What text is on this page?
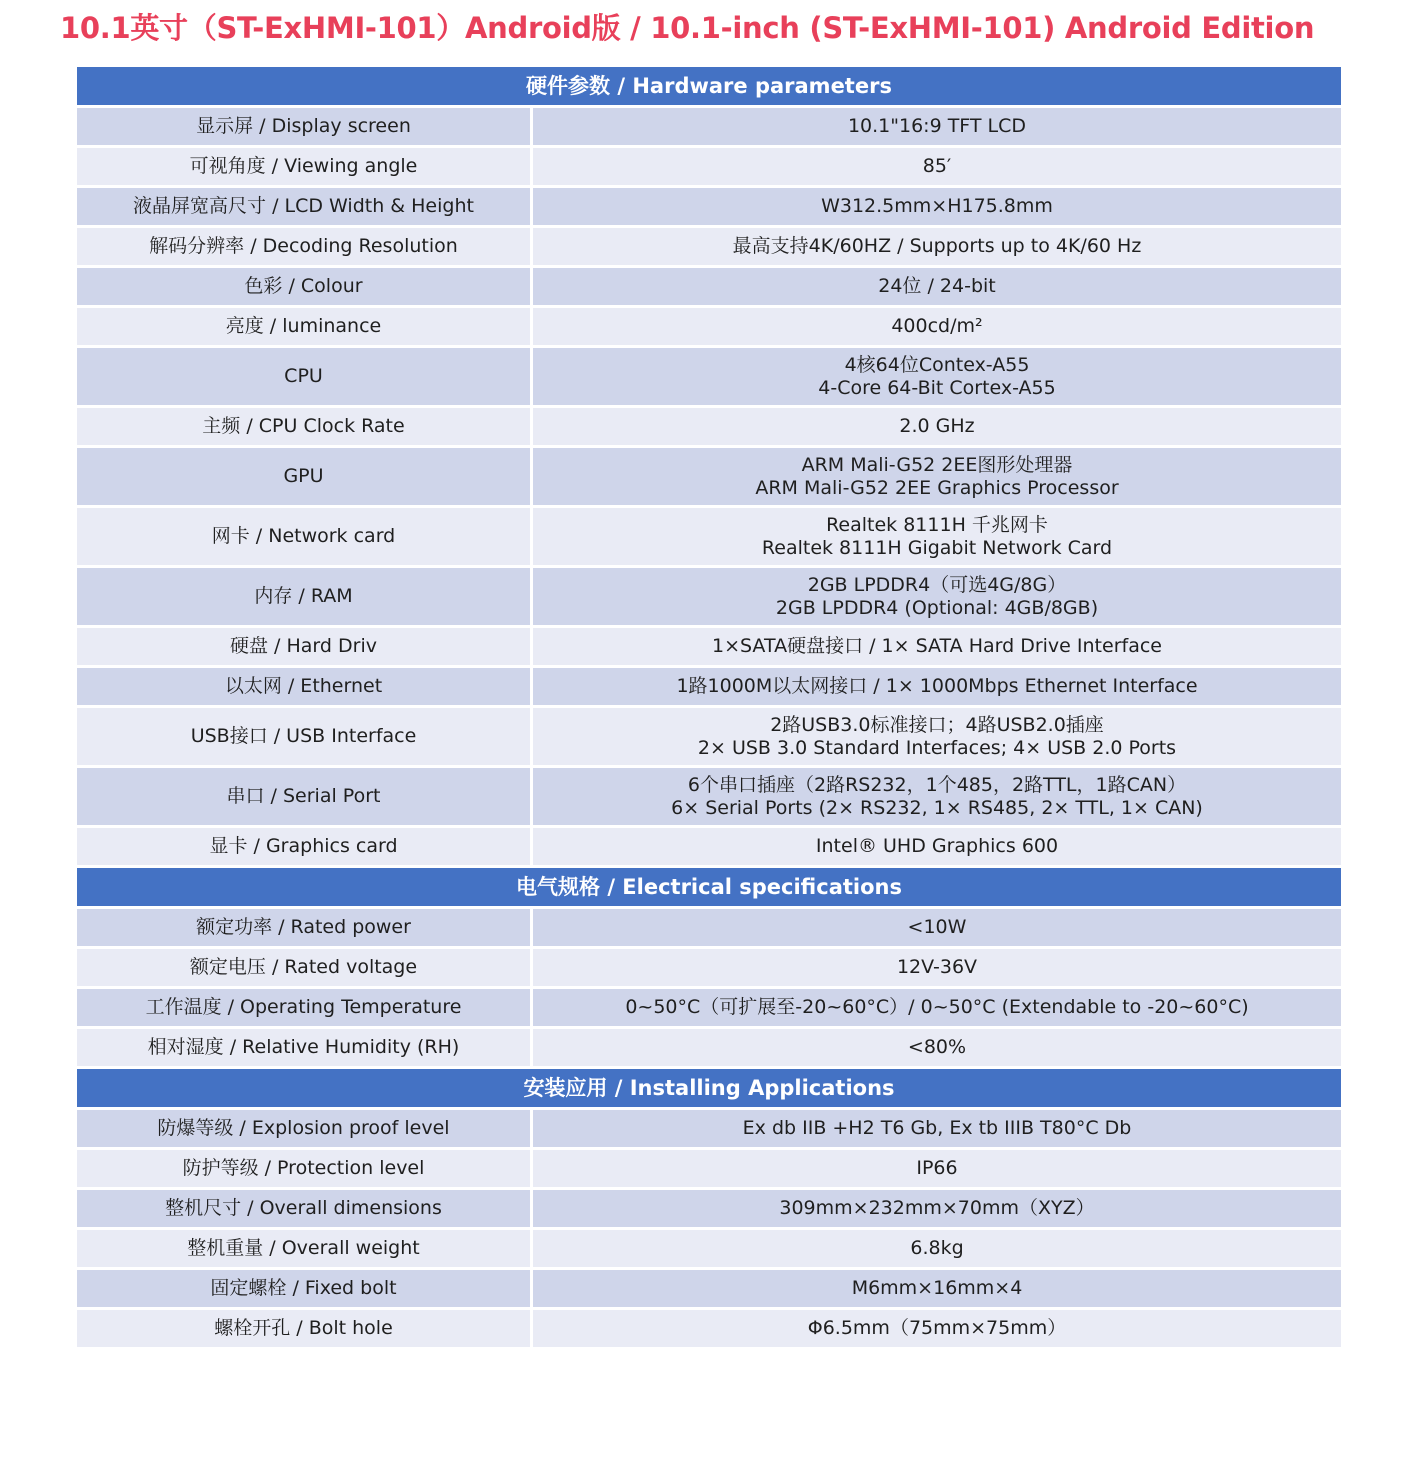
10.1英寸（ST-ExHMI-101）Android版 / 10.1-inch (ST-ExHMI-101) Android Edition
硬件参数 / Hardware parameters	
显示屏 / Display screen	10.1"16:9 TFT LCD

可视角度 / Viewing angle	85′

液晶屏宽高尺寸 / LCD Width & Height	W312.5mm×H175.8mm

解码分辨率 / Decoding Resolution	最高支持4K/60HZ / Supports up to 4K/60 Hz

色彩 / Colour	24位 / 24-bit

亮度 / luminance	400cd/m²

CPU	4核64位Contex-A55
4-Core 64-Bit Cortex-A55

主频 / CPU Clock Rate	2.0 GHz

GPU	ARM Mali-G52 2EE图形处理器
ARM Mali-G52 2EE Graphics Processor

网卡 / Network card	Realtek 8111H 千兆网卡
Realtek 8111H Gigabit Network Card

内存 / RAM	2GB LPDDR4（可选4G/8G）
2GB LPDDR4 (Optional: 4GB/8GB)

硬盘 / Hard Driv	1×SATA硬盘接口 / 1× SATA Hard Drive Interface

以太网 / Ethernet	1路1000M以太网接口 / 1× 1000Mbps Ethernet Interface

USB接口 / USB Interface	2路USB3.0标准接口；4路USB2.0插座
2× USB 3.0 Standard Interfaces; 4× USB 2.0 Ports

串口 / Serial Port	6个串口插座（2路RS232，1个485，2路TTL，1路CAN）
6× Serial Ports (2× RS232, 1× RS485, 2× TTL, 1× CAN)

显卡 / Graphics card	Intel® UHD Graphics 600

电气规格 / Electrical specifications	
额定功率 / Rated power	<10W

额定电压 / Rated voltage	12V-36V

工作温度 / Operating Temperature	0~50°C（可扩展至-20~60°C）/ 0~50°C (Extendable to -20~60°C)

相对湿度 / Relative Humidity (RH)	<80%

安装应用 / Installing Applications	
防爆等级 / Explosion proof level	Ex db IIB +H2 T6 Gb, Ex tb IIIB T80°C Db

防护等级 / Protection level	IP66

整机尺寸 / Overall dimensions	309mm×232mm×70mm（XYZ）

整机重量 / Overall weight	6.8kg

固定螺栓 / Fixed bolt	M6mm×16mm×4

螺栓开孔 / Bolt hole	Φ6.5mm（75mm×75mm）
